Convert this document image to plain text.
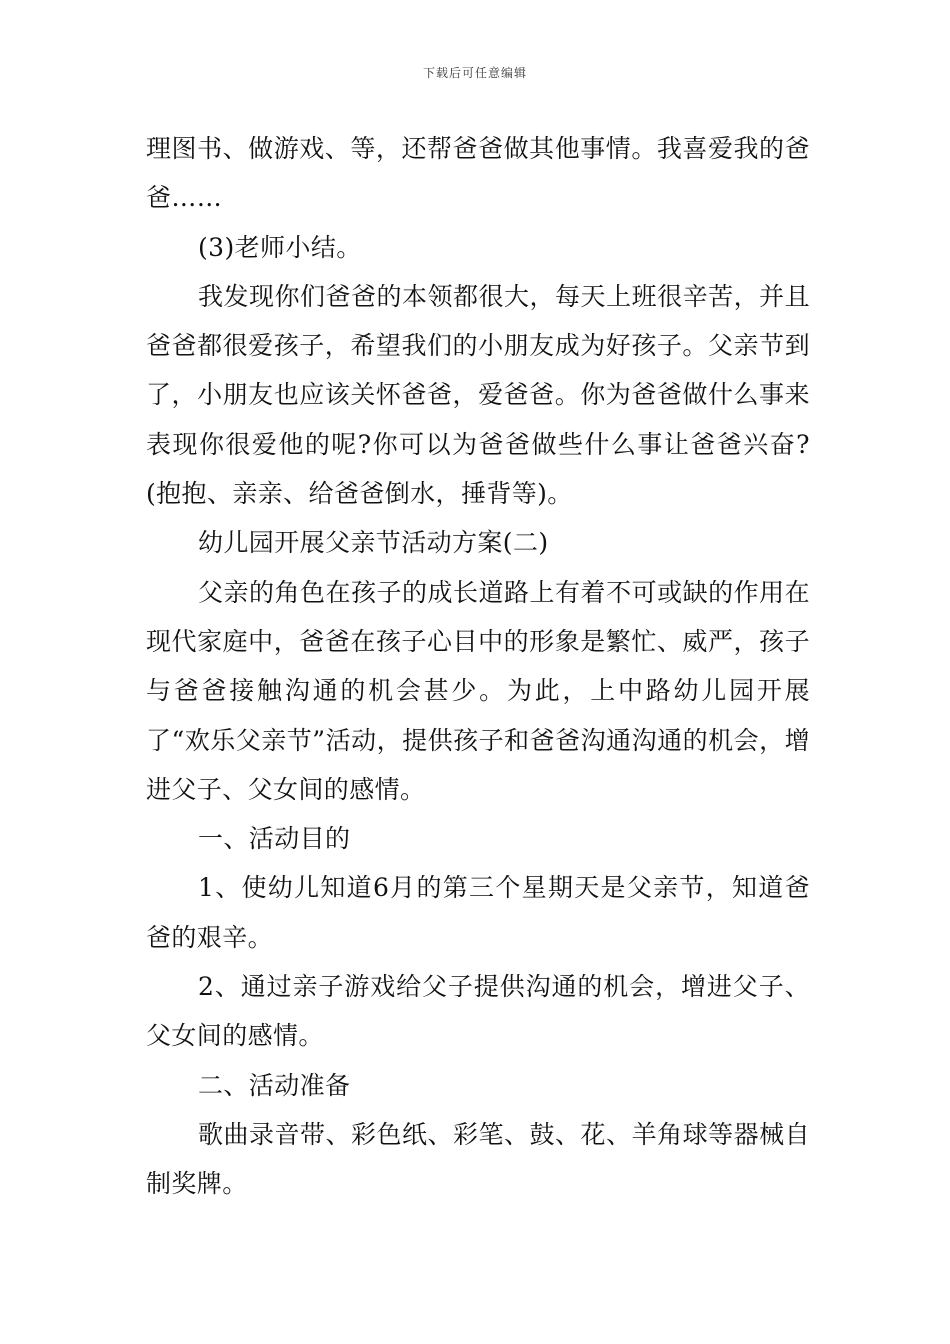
下载后可任意编辑

理图书、做游戏、等，还帮爸爸做其他事情。我喜爱我的爸爸……

(3)老师小结。

我发现你们爸爸的本领都很大，每天上班很辛苦，并且爸爸都很爱孩子，希望我们的小朋友成为好孩子。父亲节到了，小朋友也应该关怀爸爸，爱爸爸。你为爸爸做什么事来表现你很爱他的呢?你可以为爸爸做些什么事让爸爸兴奋?(抱抱、亲亲、给爸爸倒水，捶背等)。

幼儿园开展父亲节活动方案(二)

父亲的角色在孩子的成长道路上有着不可或缺的作用在现代家庭中，爸爸在孩子心目中的形象是繁忙、威严，孩子与爸爸接触沟通的机会甚少。为此，上中路幼儿园开展了“欢乐父亲节”活动，提供孩子和爸爸沟通沟通的机会，增进父子、父女间的感情。

一、活动目的

1、使幼儿知道6月的第三个星期天是父亲节，知道爸爸的艰辛。

2、通过亲子游戏给父子提供沟通的机会，增进父子、父女间的感情。

二、活动准备

歌曲录音带、彩色纸、彩笔、鼓、花、羊角球等器械自制奖牌。
